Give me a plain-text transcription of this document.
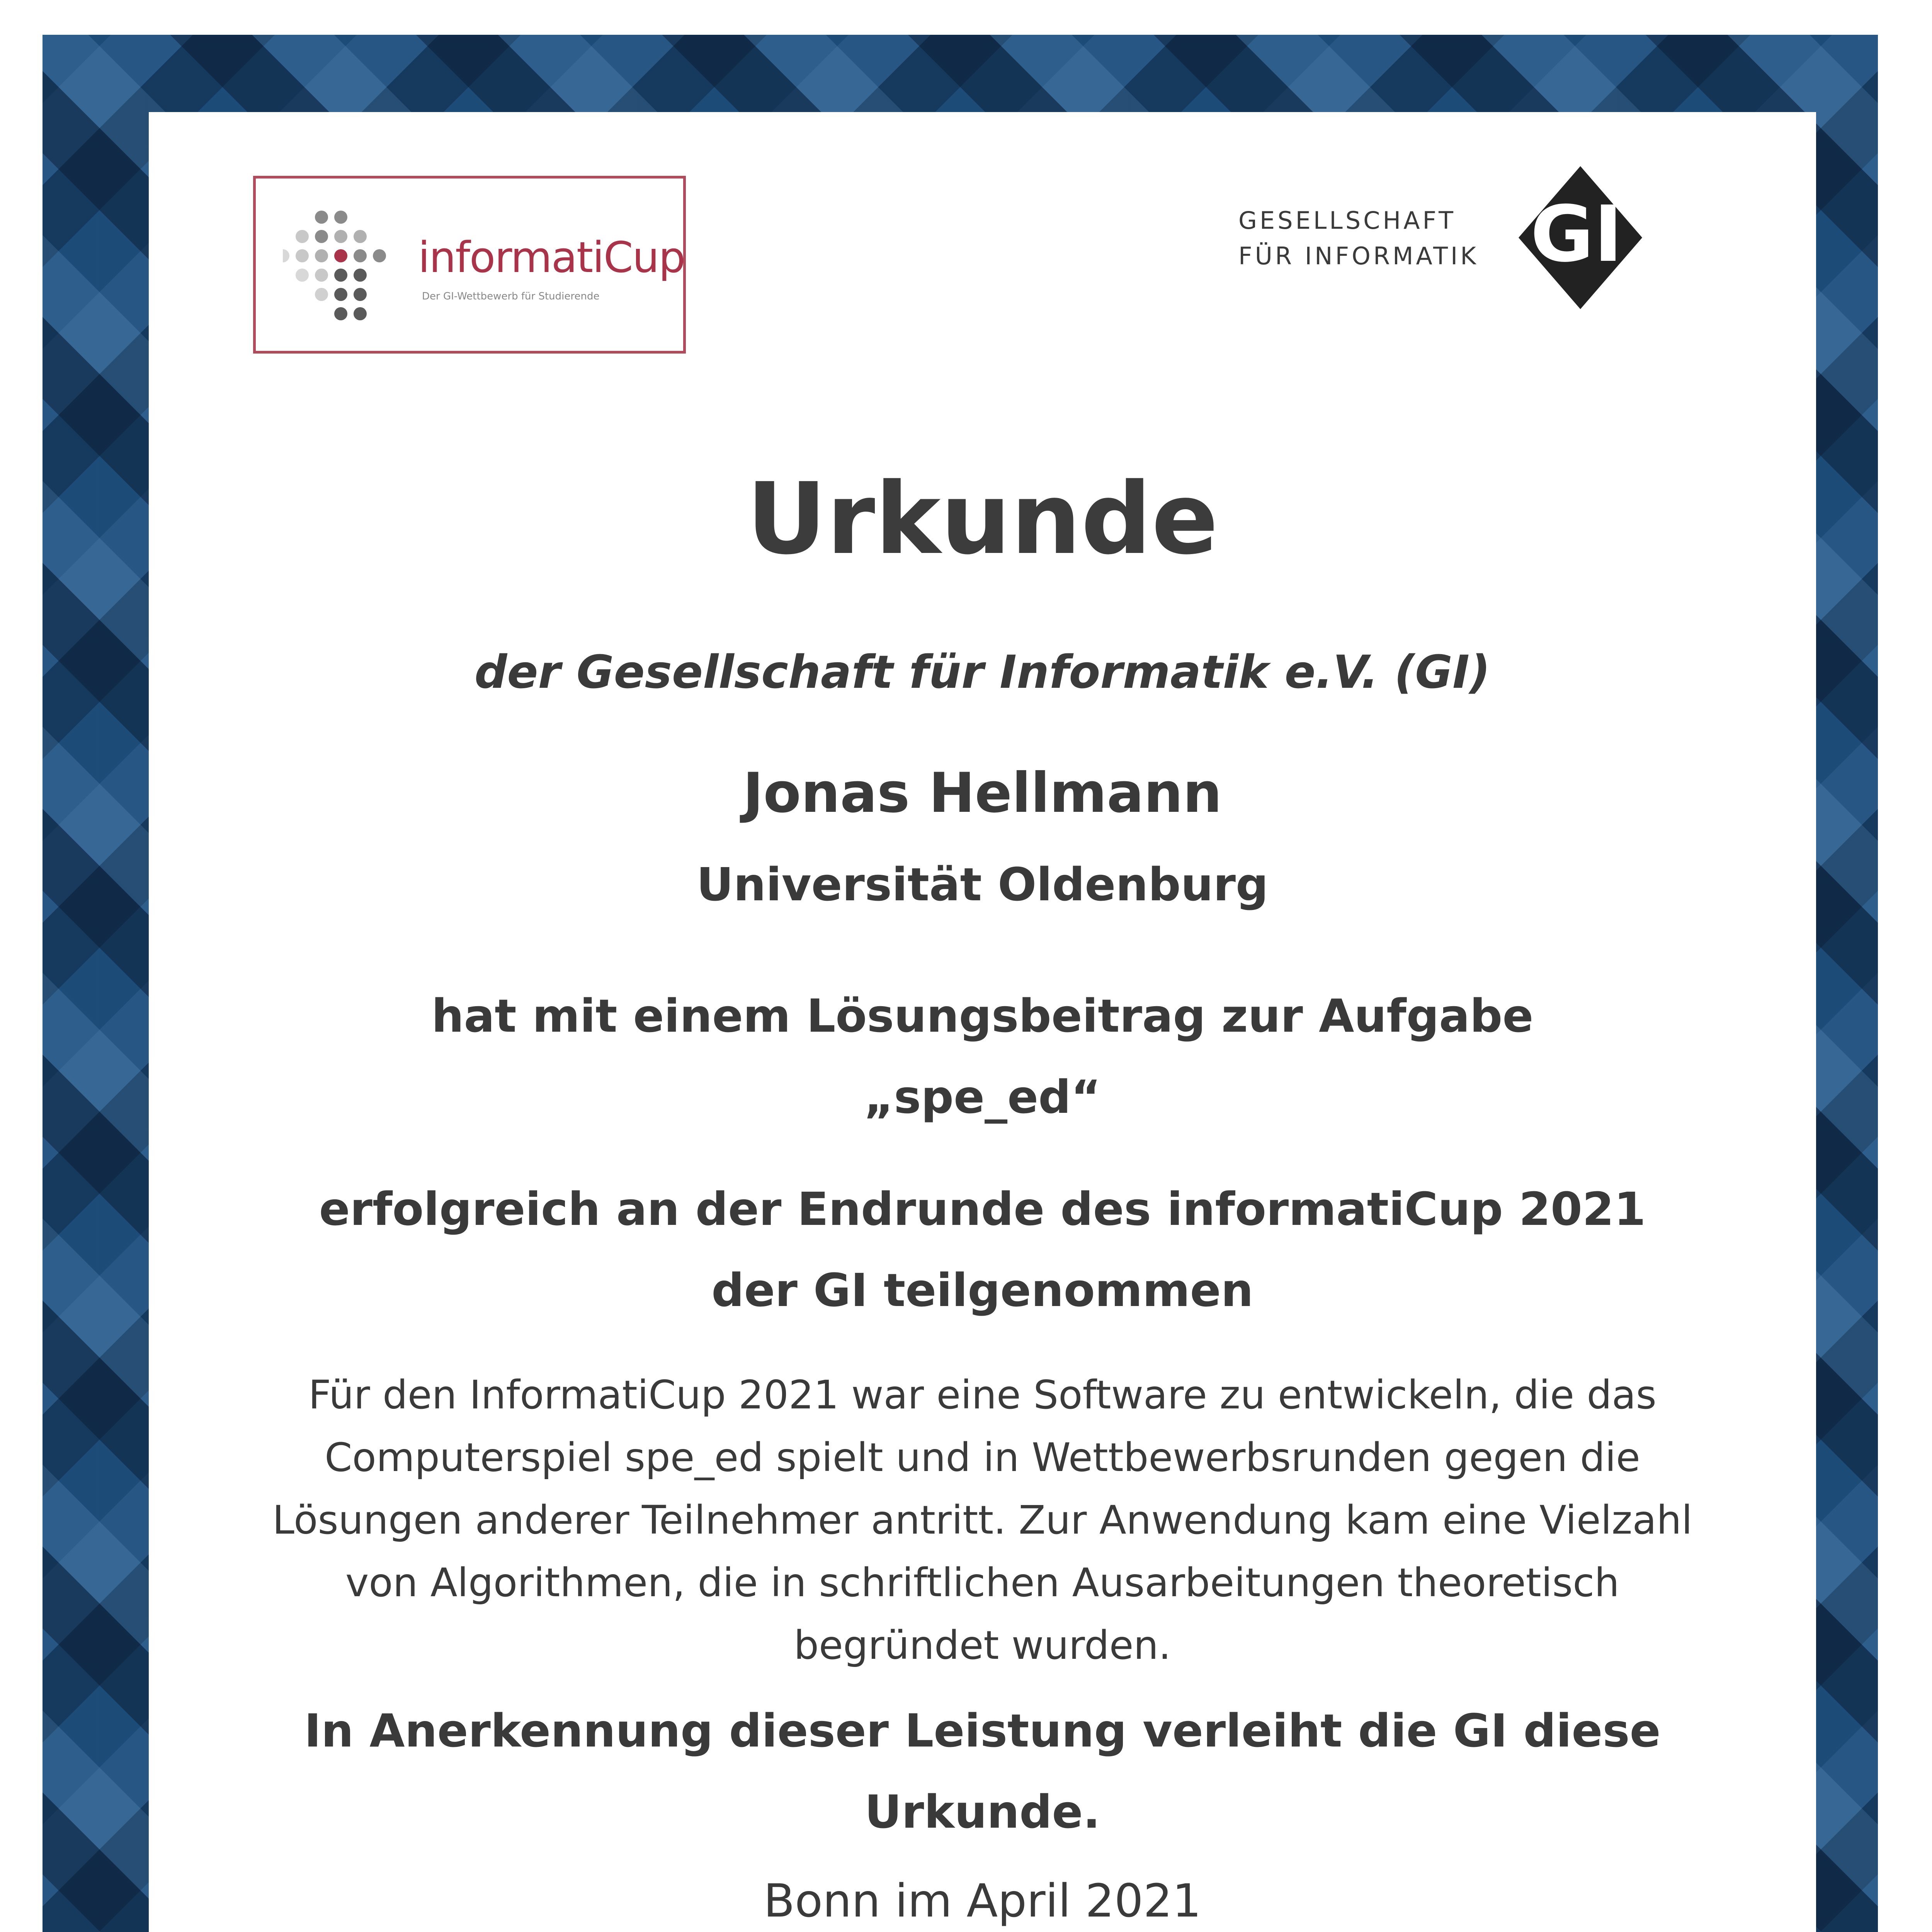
informatiCup
Der GI-Wettbewerb für Studierende
GESELLSCHAFT
FÜR INFORMATIK GI
Urkunde
der Gesellschaft für Informatik e.V. (GI)
Jonas Hellmann
Universität Oldenburg
hat mit einem Lösungsbeitrag zur Aufgabe
„spe_ed“
erfolgreich an der Endrunde des informatiCup 2021
der GI teilgenommen
Für den InformatiCup 2021 war eine Software zu entwickeln, die das Computerspiel spe_ed spielt und in Wettbewerbsrunden gegen die Lösungen anderer Teilnehmer antritt. Zur Anwendung kam eine Vielzahl von Algorithmen, die in schriftlichen Ausarbeitungen theoretisch begründet wurden.
In Anerkennung dieser Leistung verleiht die GI diese
Urkunde.
Bonn im April 2021
